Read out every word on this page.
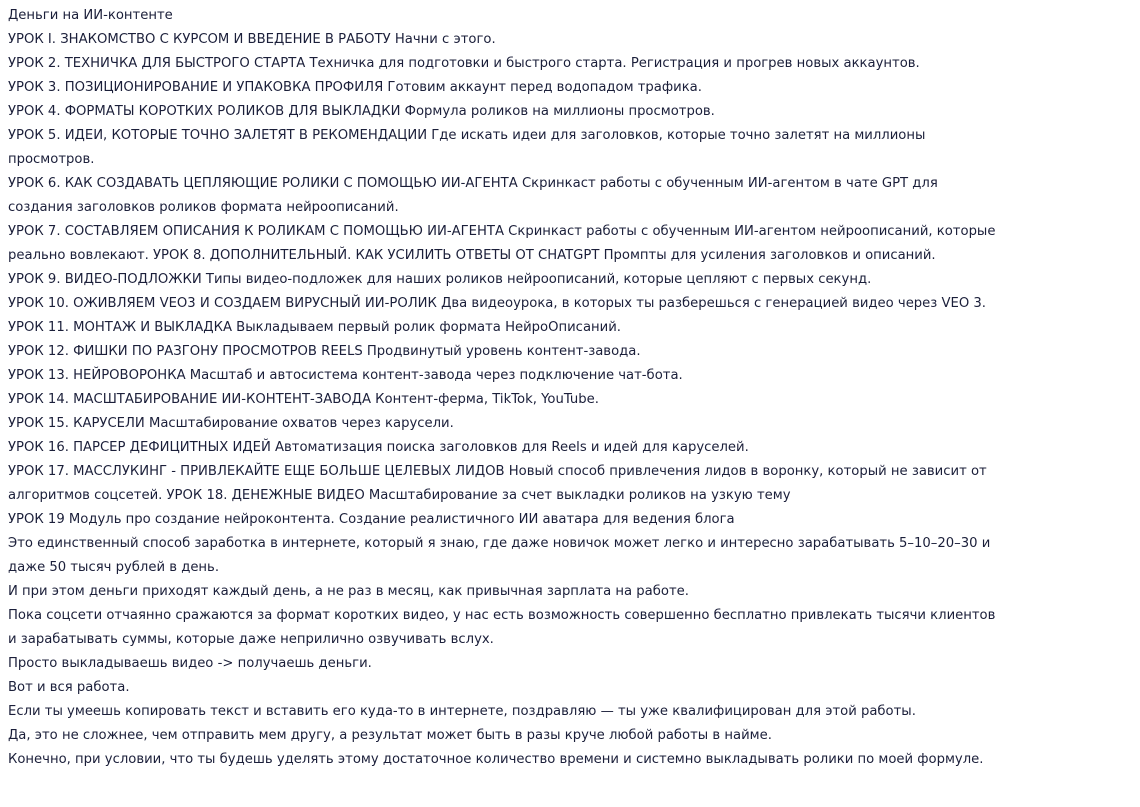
Деньги на ИИ-контенте

УРОК I. ЗНАКОМСТВО С КУРСОМ И ВВЕДЕНИЕ В РАБОТУ Начни с этого.

УРОК 2. ТЕХНИЧКА ДЛЯ БЫСТРОГО СТАРТА Техничка для подготовки и быстрого старта. Регистрация и прогрев новых аккаунтов.

УРОК 3. ПОЗИЦИОНИРОВАНИЕ И УПАКОВКА ПРОФИЛЯ Готовим аккаунт перед водопадом трафика.

УРОК 4. ФОРМАТЫ КОРОТКИХ РОЛИКОВ ДЛЯ ВЫКЛАДКИ Формула роликов на миллионы просмотров.

УРОК 5. ИДЕИ, КОТОРЫЕ ТОЧНО ЗАЛЕТЯТ В РЕКОМЕНДАЦИИ Где искать идеи для заголовков, которые точно залетят на миллионы просмотров.

УРОК 6. КАК СОЗДАВАТЬ ЦЕПЛЯЮЩИЕ РОЛИКИ С ПОМОЩЬЮ ИИ-АГЕНТА Скринкаст работы с обученным ИИ-агентом в чате GPT для создания заголовков роликов формата нейроописаний.

УРОК 7. СОСТАВЛЯЕМ ОПИСАНИЯ К РОЛИКАМ С ПОМОЩЬЮ ИИ-АГЕНТА Скринкаст работы с обученным ИИ-агентом нейроописаний, которые реально вовлекают. УРОК 8. ДОПОЛНИТЕЛЬНЫЙ. КАК УСИЛИТЬ ОТВЕТЫ ОТ CHATGPT Промпты для усиления заголовков и описаний.

УРОК 9. ВИДЕО-ПОДЛОЖКИ Типы видео-подложек для наших роликов нейроописаний, которые цепляют с первых секунд.

УРОК 10. ОЖИВЛЯЕМ VEO3 И СОЗДАЕМ ВИРУСНЫЙ ИИ-РОЛИК Два видеоурока, в которых ты разберешься с генерацией видео через VEO 3.

УРОК 11. МОНТАЖ И ВЫКЛАДКА Выкладываем первый ролик формата НейроОписаний.

УРОК 12. ФИШКИ ПО РАЗГОНУ ПРОСМОТРОВ REELS Продвинутый уровень контент-завода.

УРОК 13. НЕЙРОВОРОНКА Масштаб и автосистема контент-завода через подключение чат-бота.

УРОК 14. МАСШТАБИРОВАНИЕ ИИ-КОНТЕНТ-ЗАВОДА Контент-ферма, TikTok, YouTube.

УРОК 15. КАРУСЕЛИ Масштабирование охватов через карусели.

УРОК 16. ПАРСЕР ДЕФИЦИТНЫХ ИДЕЙ Автоматизация поиска заголовков для Reels и идей для каруселей.

УРОК 17. МАССЛУКИНГ - ПРИВЛЕКАЙТЕ ЕЩЕ БОЛЬШЕ ЦЕЛЕВЫХ ЛИДОВ Новый способ привлечения лидов в воронку, который не зависит от алгоритмов соцсетей. УРОК 18. ДЕНЕЖНЫЕ ВИДЕО Масштабирование за счет выкладки роликов на узкую тему

УРОК 19 Модуль про создание нейроконтента. Создание реалистичного ИИ аватара для ведения блога

Это единственный способ заработка в интернете, который я знаю, где даже новичок может легко и интересно зарабатывать 5–10–20–30 и даже 50 тысяч рублей в день.

И при этом деньги приходят каждый день, а не раз в месяц, как привычная зарплата на работе.

Пока соцсети отчаянно сражаются за формат коротких видео, у нас есть возможность совершенно бесплатно привлекать тысячи клиентов и зарабатывать суммы, которые даже неприлично озвучивать вслух.

Просто выкладываешь видео -> получаешь деньги.

Вот и вся работа.

Если ты умеешь копировать текст и вставить его куда-то в интернете, поздравляю — ты уже квалифицирован для этой работы.

Да, это не сложнее, чем отправить мем другу, а результат может быть в разы круче любой работы в найме.

Конечно, при условии, что ты будешь уделять этому достаточное количество времени и системно выкладывать ролики по моей формуле.
